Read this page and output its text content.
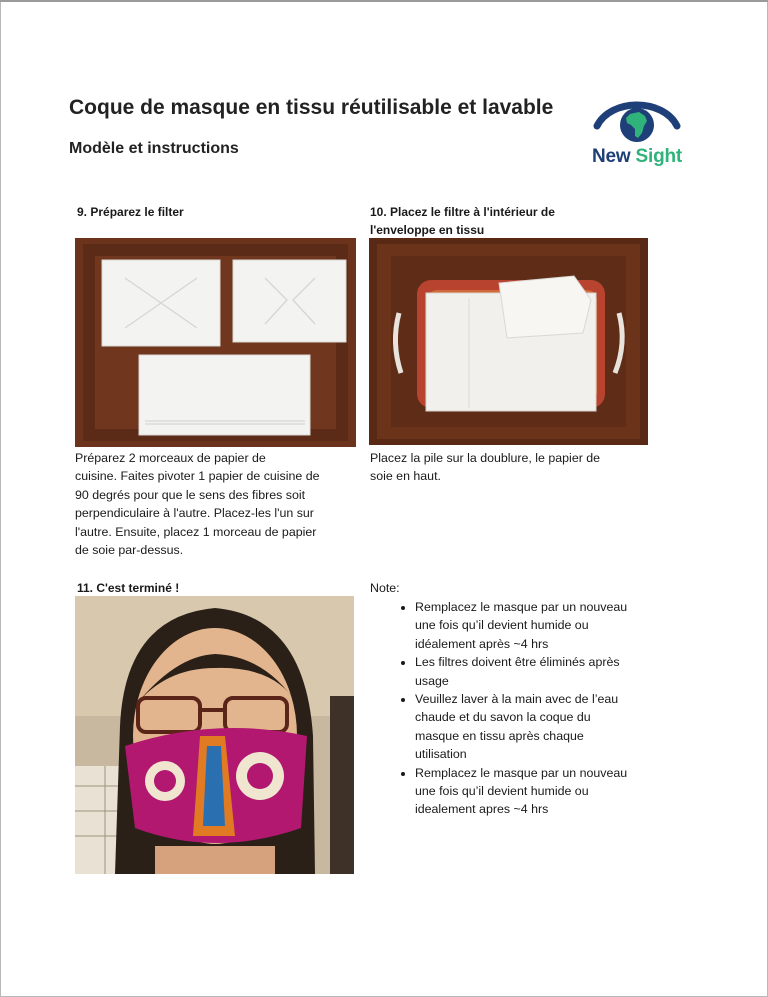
Coque de masque en tissu réutilisable et lavable
Modèle et instructions	New Sight
9. Préparez le filter
Préparez 2 morceaux de papier de
cuisine. Faites pivoter 1 papier de cuisine de
90 degrés pour que le sens des fibres soit
perpendiculaire à l'autre. Placez-les l'un sur
l'autre. Ensuite, placez 1 morceau de papier
de soie par-dessus.
10. Placez le filtre à l'intérieur de
l'enveloppe en tissu
Placez la pile sur la doublure, le papier de
soie en haut.
11. C'est terminé !	Note:
• Remplacez le masque par un nouveau
une fois qu’il devient humide ou
idéalement après ~4 hrs
• Les filtres doivent être éliminés après
usage
• Veuillez laver à la main avec de l’eau
chaude et du savon la coque du
masque en tissu après chaque
utilisation
• Remplacez le masque par un nouveau
une fois qu’il devient humide ou
idealement apres ~4 hrs
